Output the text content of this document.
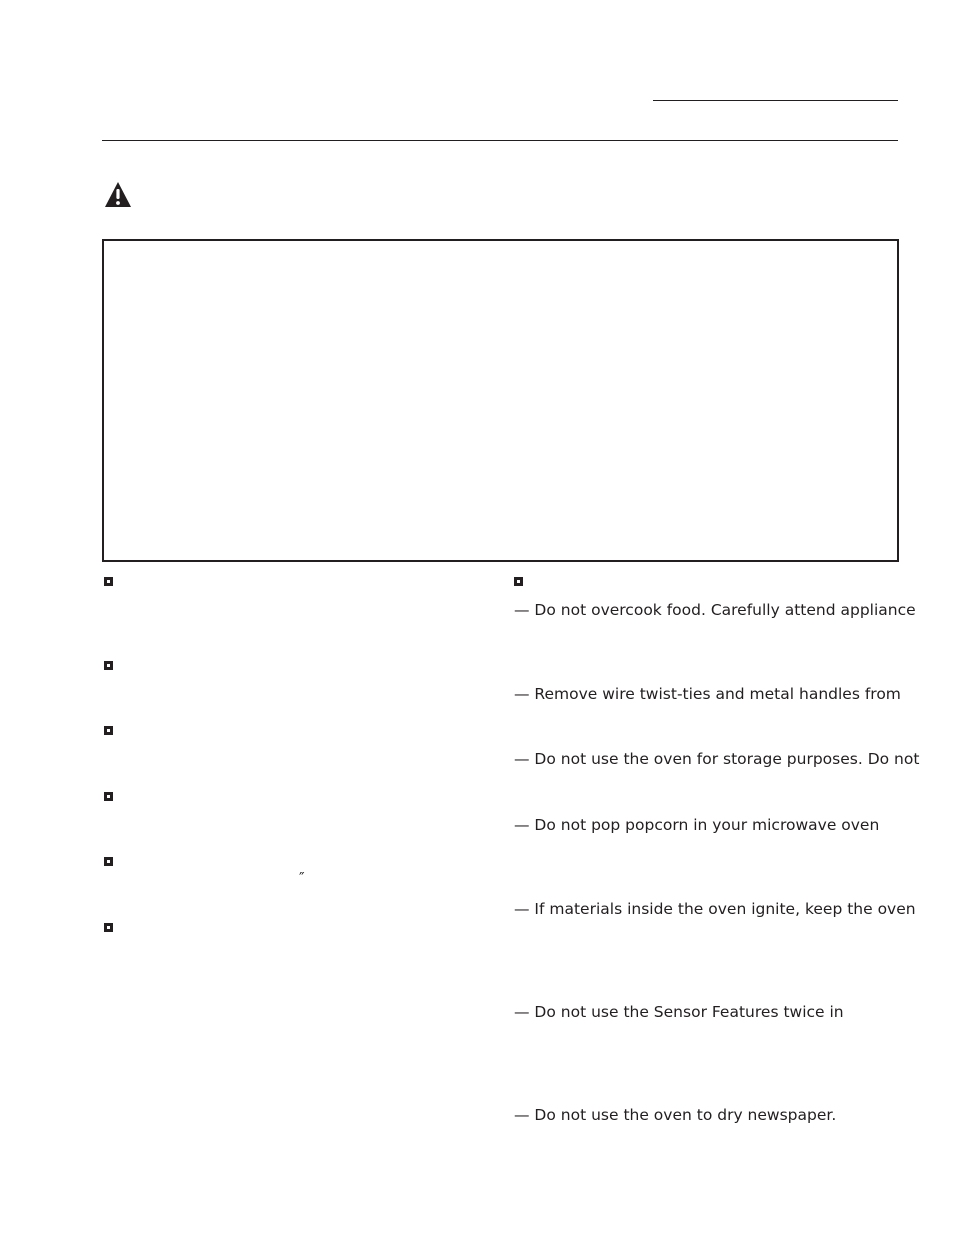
″
— Do not overcook food. Carefully attend appliance
— Remove wire twist-ties and metal handles from
— Do not use the oven for storage purposes. Do not
— Do not pop popcorn in your microwave oven
— If materials inside the oven ignite, keep the oven
— Do not use the Sensor Features twice in
— Do not use the oven to dry newspaper.
